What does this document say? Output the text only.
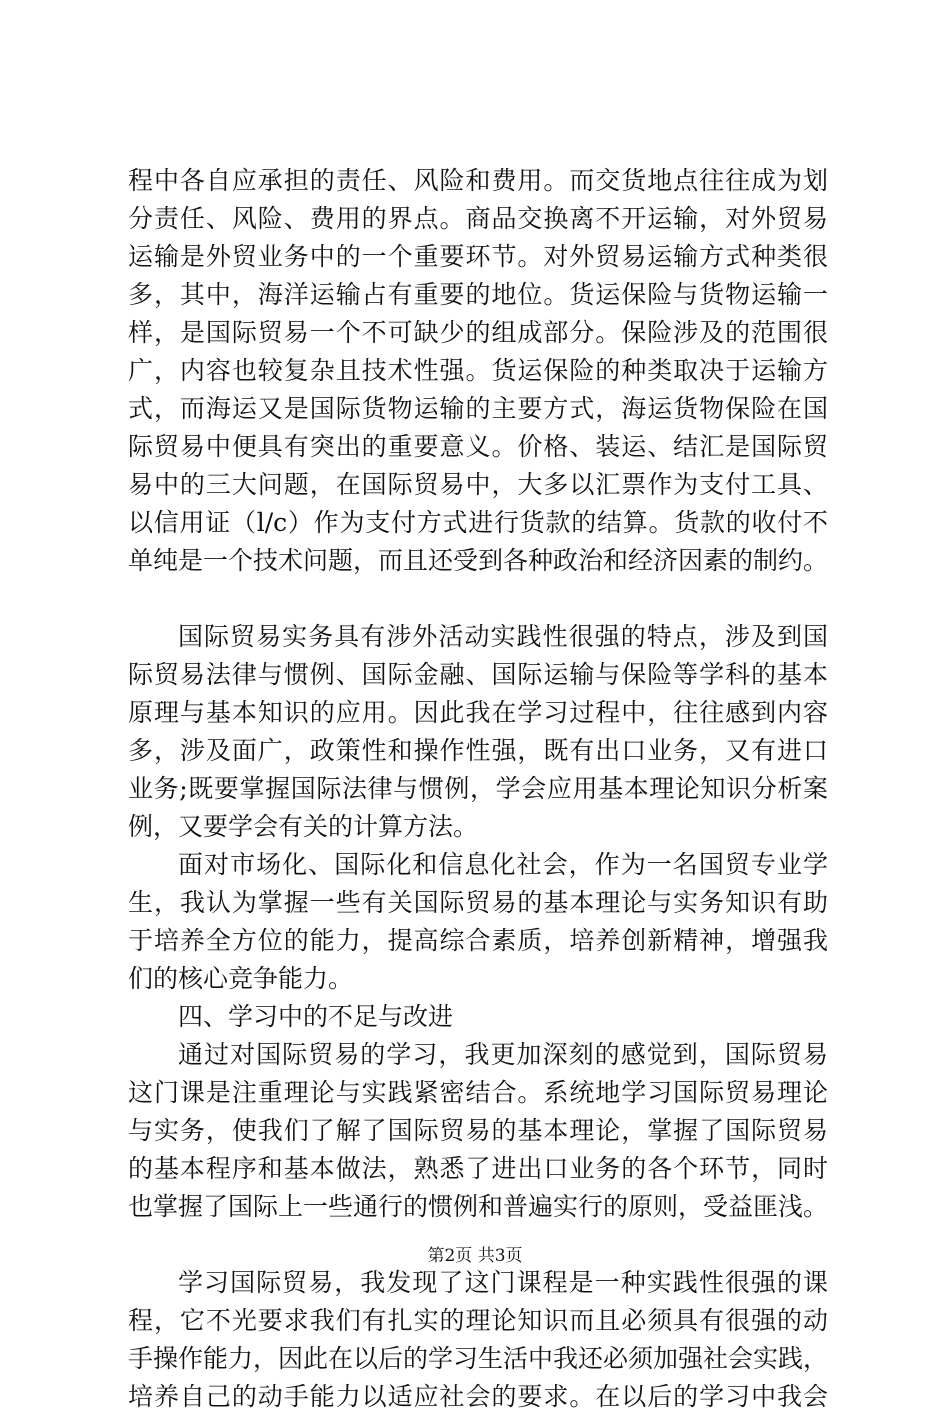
程中各自应承担的责任、风险和费用。而交货地点往往成为划
分责任、风险、费用的界点。商品交换离不开运输，对外贸易
运输是外贸业务中的一个重要环节。对外贸易运输方式种类很
多，其中，海洋运输占有重要的地位。货运保险与货物运输一
样，是国际贸易一个不可缺少的组成部分。保险涉及的范围很
广，内容也较复杂且技术性强。货运保险的种类取决于运输方
式，而海运又是国际货物运输的主要方式，海运货物保险在国
际贸易中便具有突出的重要意义。价格、装运、结汇是国际贸
易中的三大问题，在国际贸易中，大多以汇票作为支付工具、
以信用证（l/c）作为支付方式进行货款的结算。货款的收付不
单纯是一个技术问题，而且还受到各种政治和经济因素的制约。
国际贸易实务具有涉外活动实践性很强的特点，涉及到国
际贸易法律与惯例、国际金融、国际运输与保险等学科的基本
原理与基本知识的应用。因此我在学习过程中，往往感到内容
多，涉及面广，政策性和操作性强，既有出口业务，又有进口
业务;既要掌握国际法律与惯例，学会应用基本理论知识分析案
例，又要学会有关的计算方法。
面对市场化、国际化和信息化社会，作为一名国贸专业学
生，我认为掌握一些有关国际贸易的基本理论与实务知识有助
于培养全方位的能力，提高综合素质，培养创新精神，增强我
们的核心竞争能力。
四、学习中的不足与改进
通过对国际贸易的学习，我更加深刻的感觉到，国际贸易
这门课是注重理论与实践紧密结合。系统地学习国际贸易理论
与实务，使我们了解了国际贸易的基本理论，掌握了国际贸易
的基本程序和基本做法，熟悉了进出口业务的各个环节，同时
也掌握了国际上一些通行的惯例和普遍实行的原则，受益匪浅。
学习国际贸易，我发现了这门课程是一种实践性很强的课
程，它不光要求我们有扎实的理论知识而且必须具有很强的动
手操作能力，因此在以后的学习生活中我还必须加强社会实践，
培养自己的动手能力以适应社会的要求。在以后的学习中我会
第2页 共3页
